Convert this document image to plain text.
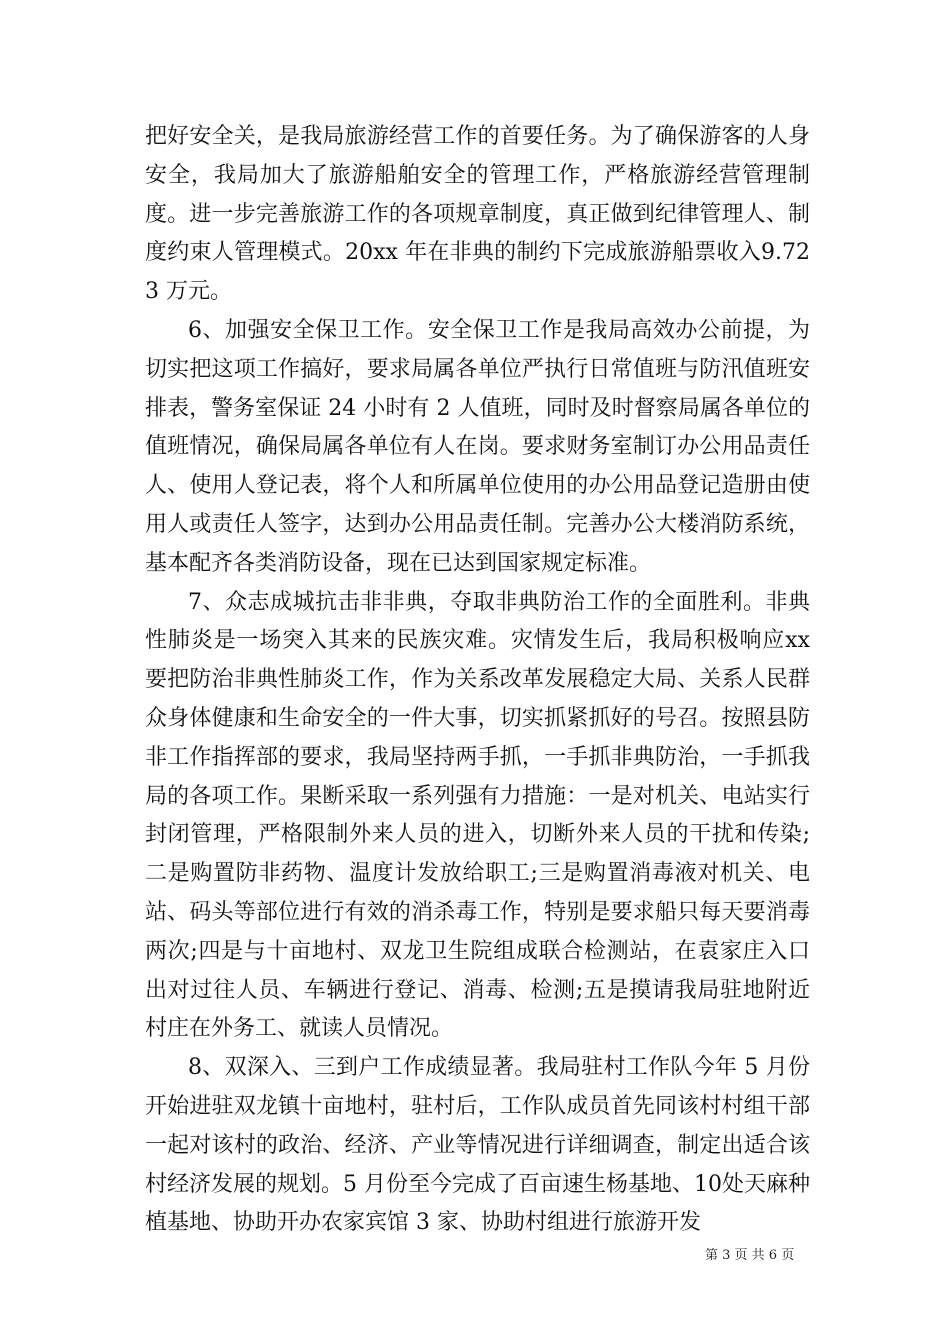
把好安全关，是我局旅游经营工作的首要任务。为了确保游客的人身安全，我局加大了旅游船舶安全的管理工作，严格旅游经营管理制度。进一步完善旅游工作的各项规章制度，真正做到纪律管理人、制度约束人管理模式。20xx 年在非典的制约下完成旅游船票收入9.723 万元。

6、加强安全保卫工作。安全保卫工作是我局高效办公前提，为切实把这项工作搞好，要求局属各单位严执行日常值班与防汛值班安排表，警务室保证 24 小时有 2 人值班，同时及时督察局属各单位的值班情况，确保局属各单位有人在岗。要求财务室制订办公用品责任人、使用人登记表，将个人和所属单位使用的办公用品登记造册由使用人或责任人签字，达到办公用品责任制。完善办公大楼消防系统，基本配齐各类消防设备，现在已达到国家规定标准。

7、众志成城抗击非非典，夺取非典防治工作的全面胜利。非典性肺炎是一场突入其来的民族灾难。灾情发生后，我局积极响应xx 要把防治非典性肺炎工作，作为关系改革发展稳定大局、关系人民群众身体健康和生命安全的一件大事，切实抓紧抓好的号召。按照县防非工作指挥部的要求，我局坚持两手抓，一手抓非典防治，一手抓我局的各项工作。果断采取一系列强有力措施：一是对机关、电站实行封闭管理，严格限制外来人员的进入，切断外来人员的干扰和传染;二是购置防非药物、温度计发放给职工;三是购置消毒液对机关、电站、码头等部位进行有效的消杀毒工作，特别是要求船只每天要消毒两次;四是与十亩地村、双龙卫生院组成联合检测站，在袁家庄入口出对过往人员、车辆进行登记、消毒、检测;五是摸请我局驻地附近村庄在外务工、就读人员情况。

8、双深入、三到户工作成绩显著。我局驻村工作队今年 5 月份开始进驻双龙镇十亩地村，驻村后，工作队成员首先同该村村组干部一起对该村的政治、经济、产业等情况进行详细调查，制定出适合该村经济发展的规划。5 月份至今完成了百亩速生杨基地、10处天麻种植基地、协助开办农家宾馆 3 家、协助村组进行旅游开发

第 3 页 共 6 页
